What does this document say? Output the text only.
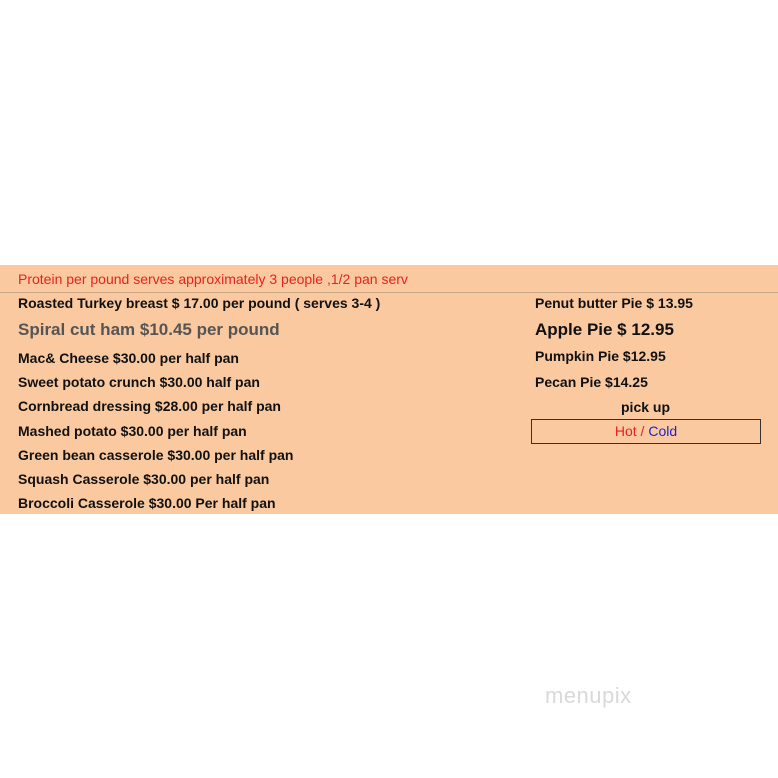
Protein per pound serves approximately 3 people ,1/2 pan serv
Roasted Turkey breast $ 17.00 per pound ( serves 3-4 )
Spiral cut ham $10.45 per pound
Mac& Cheese $30.00 per half pan
Sweet potato crunch $30.00 half pan
Cornbread dressing $28.00 per half pan
Mashed potato $30.00 per half pan
Green bean casserole $30.00 per half pan
Squash Casserole $30.00 per half pan
Broccoli Casserole $30.00 Per half pan
Penut butter Pie $ 13.95
Apple Pie $ 12.95
Pumpkin Pie $12.95
Pecan Pie $14.25
pick up
Hot / Cold
menupix
